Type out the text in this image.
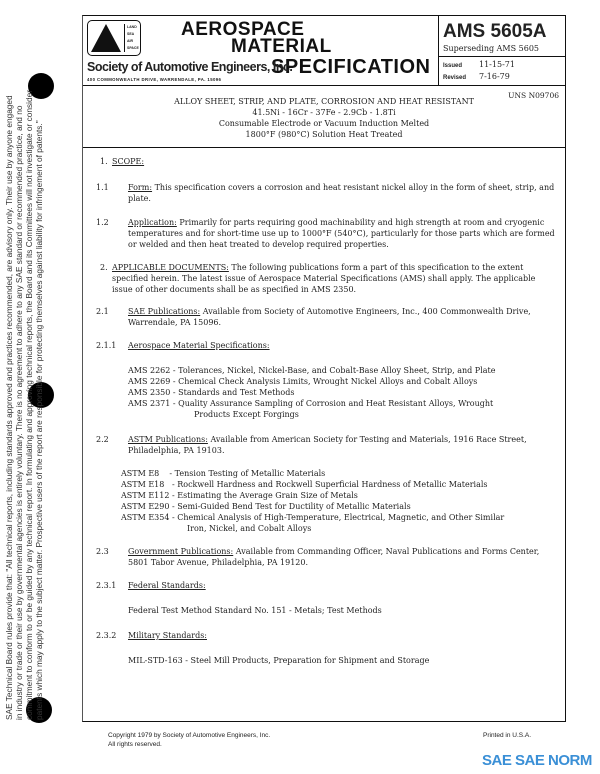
SAE Technical Board rules provide that: "All technical reports, including standards approved and practices recommended, are advisory only. Their use by anyone engaged in industry or trade or their use by governmental agencies is entirely voluntary. There is no agreement to adhere to any SAE standard or recommended practice, and no commitment to conform to or be guided by any technical report. In formulating and approving technical reports, the Board and its Committees will not investigate or consider patents which may apply to the subject matter. Prospective users of the report are responsible for protecting themselves against liability for infringement of patents."
LAND
SEA
AIR
SPACE
AEROSPACE
MATERIAL
SPECIFICATION
Society of Automotive Engineers, Inc.
400 COMMONWEALTH DRIVE, WARRENDALE, PA. 15096
AMS 5605A
Superseding AMS 5605
Issued 11-15-71
Revised 7-16-79
UNS N09706
ALLOY SHEET, STRIP, AND PLATE, CORROSION AND HEAT RESISTANT
41.5Ni - 16Cr - 37Fe - 2.9Cb - 1.8Ti
Consumable Electrode or Vacuum Induction Melted
1800°F (980°C) Solution Heat Treated
1. SCOPE:
1.1 Form: This specification covers a corrosion and heat resistant nickel alloy in the form of sheet, strip, and plate.
1.2 Application: Primarily for parts requiring good machinability and high strength at room and cryogenic temperatures and for short-time use up to 1000°F (540°C), particularly for those parts which are formed or welded and then heat treated to develop required properties.
2. APPLICABLE DOCUMENTS: The following publications form a part of this specification to the extent specified herein. The latest issue of Aerospace Material Specifications (AMS) shall apply. The applicable issue of other documents shall be as specified in AMS 2350.
2.1 SAE Publications: Available from Society of Automotive Engineers, Inc., 400 Commonwealth Drive, Warrendale, PA 15096.
2.1.1 Aerospace Material Specifications:
AMS 2262 - Tolerances, Nickel, Nickel-Base, and Cobalt-Base Alloy Sheet, Strip, and Plate
AMS 2269 - Chemical Check Analysis Limits, Wrought Nickel Alloys and Cobalt Alloys
AMS 2350 - Standards and Test Methods
AMS 2371 - Quality Assurance Sampling of Corrosion and Heat Resistant Alloys, Wrought
Products Except Forgings
2.2 ASTM Publications: Available from American Society for Testing and Materials, 1916 Race Street, Philadelphia, PA 19103.
ASTM E8    - Tension Testing of Metallic Materials
ASTM E18   - Rockwell Hardness and Rockwell Superficial Hardness of Metallic Materials
ASTM E112 - Estimating the Average Grain Size of Metals
ASTM E290 - Semi-Guided Bend Test for Ductility of Metallic Materials
ASTM E354 - Chemical Analysis of High-Temperature, Electrical, Magnetic, and Other Similar
Iron, Nickel, and Cobalt Alloys
2.3 Government Publications: Available from Commanding Officer, Naval Publications and Forms Center, 5801 Tabor Avenue, Philadelphia, PA 19120.
2.3.1 Federal Standards:
Federal Test Method Standard No. 151 - Metals; Test Methods
2.3.2 Military Standards:
MIL-STD-163 - Steel Mill Products, Preparation for Shipment and Storage
Copyright 1979 by Society of Automotive Engineers, Inc.
All rights reserved.
Printed in U.S.A.
SAE SAE NORM
